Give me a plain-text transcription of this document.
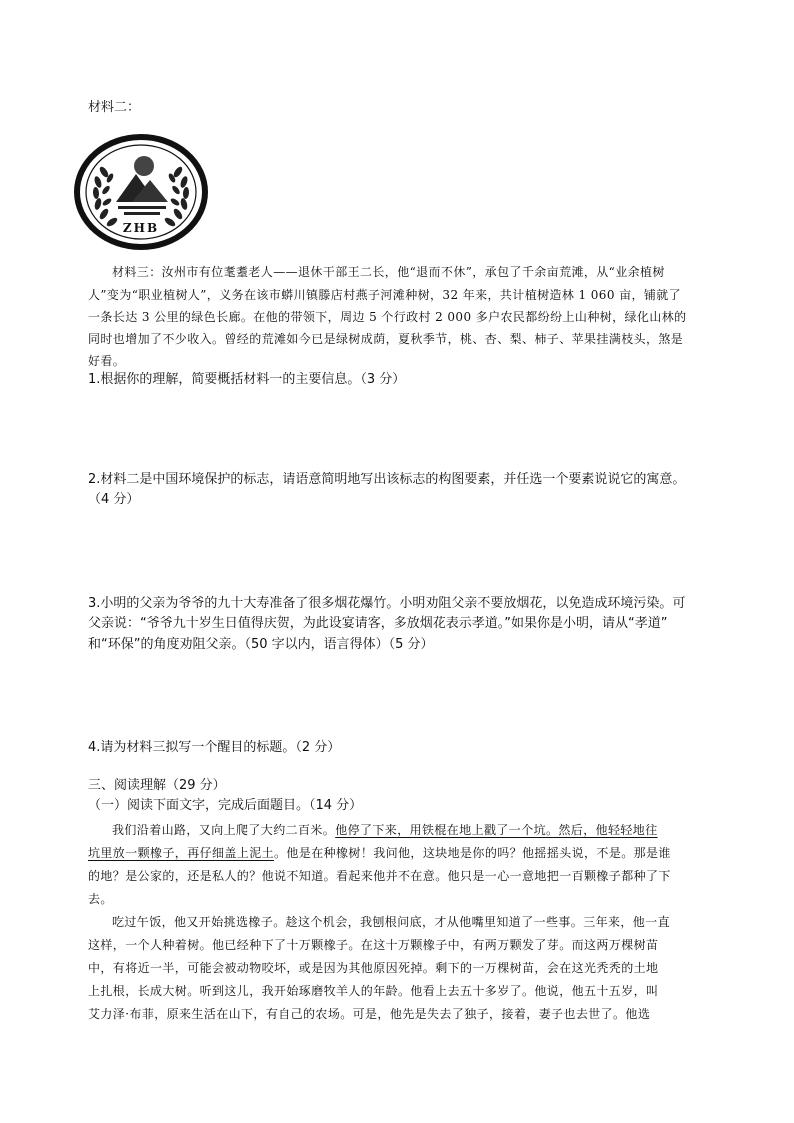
材料二：
材料三：汝州市有位耄耋老人——退休干部王二长，他“退而不休”，承包了千余亩荒滩，从“业余植树
人”变为“职业植树人”，义务在该市蟒川镇滕店村燕子河滩种树，32 年来，共计植树造林 1 060 亩，铺就了
一条长达 3 公里的绿色长廊。在他的带领下，周边 5 个行政村 2 000 多户农民都纷纷上山种树，绿化山林的
同时也增加了不少收入。曾经的荒滩如今已是绿树成荫，夏秋季节，桃、杏、梨、柿子、苹果挂满枝头，煞是
好看。
1.根据你的理解，简要概括材料一的主要信息。（3 分）
2.材料二是中国环境保护的标志，请语意简明地写出该标志的构图要素，并任选一个要素说说它的寓意。
（4 分）
3.小明的父亲为爷爷的九十大寿准备了很多烟花爆竹。小明劝阻父亲不要放烟花，以免造成环境污染。可
父亲说：“爷爷九十岁生日值得庆贺，为此设宴请客，多放烟花表示孝道。”如果你是小明，请从“孝道”
和“环保”的角度劝阻父亲。（50 字以内，语言得体）（5 分）
4.请为材料三拟写一个醒目的标题。（2 分）
三、阅读理解（29 分）
（一）阅读下面文字，完成后面题目。（14 分）
我们沿着山路，又向上爬了大约二百米。他停了下来，用铁棍在地上戳了一个坑。然后，他轻轻地往
坑里放一颗橡子，再仔细盖上泥土。他是在种橡树！我问他，这块地是你的吗？他摇摇头说，不是。那是谁
的地？是公家的，还是私人的？他说不知道。看起来他并不在意。他只是一心一意地把一百颗橡子都种了下
去。
吃过午饭，他又开始挑选橡子。趁这个机会，我刨根问底，才从他嘴里知道了一些事。三年来，他一直
这样，一个人种着树。他已经种下了十万颗橡子。在这十万颗橡子中，有两万颗发了芽。而这两万棵树苗
中，有将近一半，可能会被动物咬坏，或是因为其他原因死掉。剩下的一万棵树苗，会在这光秃秃的土地
上扎根，长成大树。听到这儿，我开始琢磨牧羊人的年龄。他看上去五十多岁了。他说，他五十五岁，叫
艾力泽·布菲，原来生活在山下，有自己的农场。可是，他先是失去了独子，接着，妻子也去世了。他选
ZHB
